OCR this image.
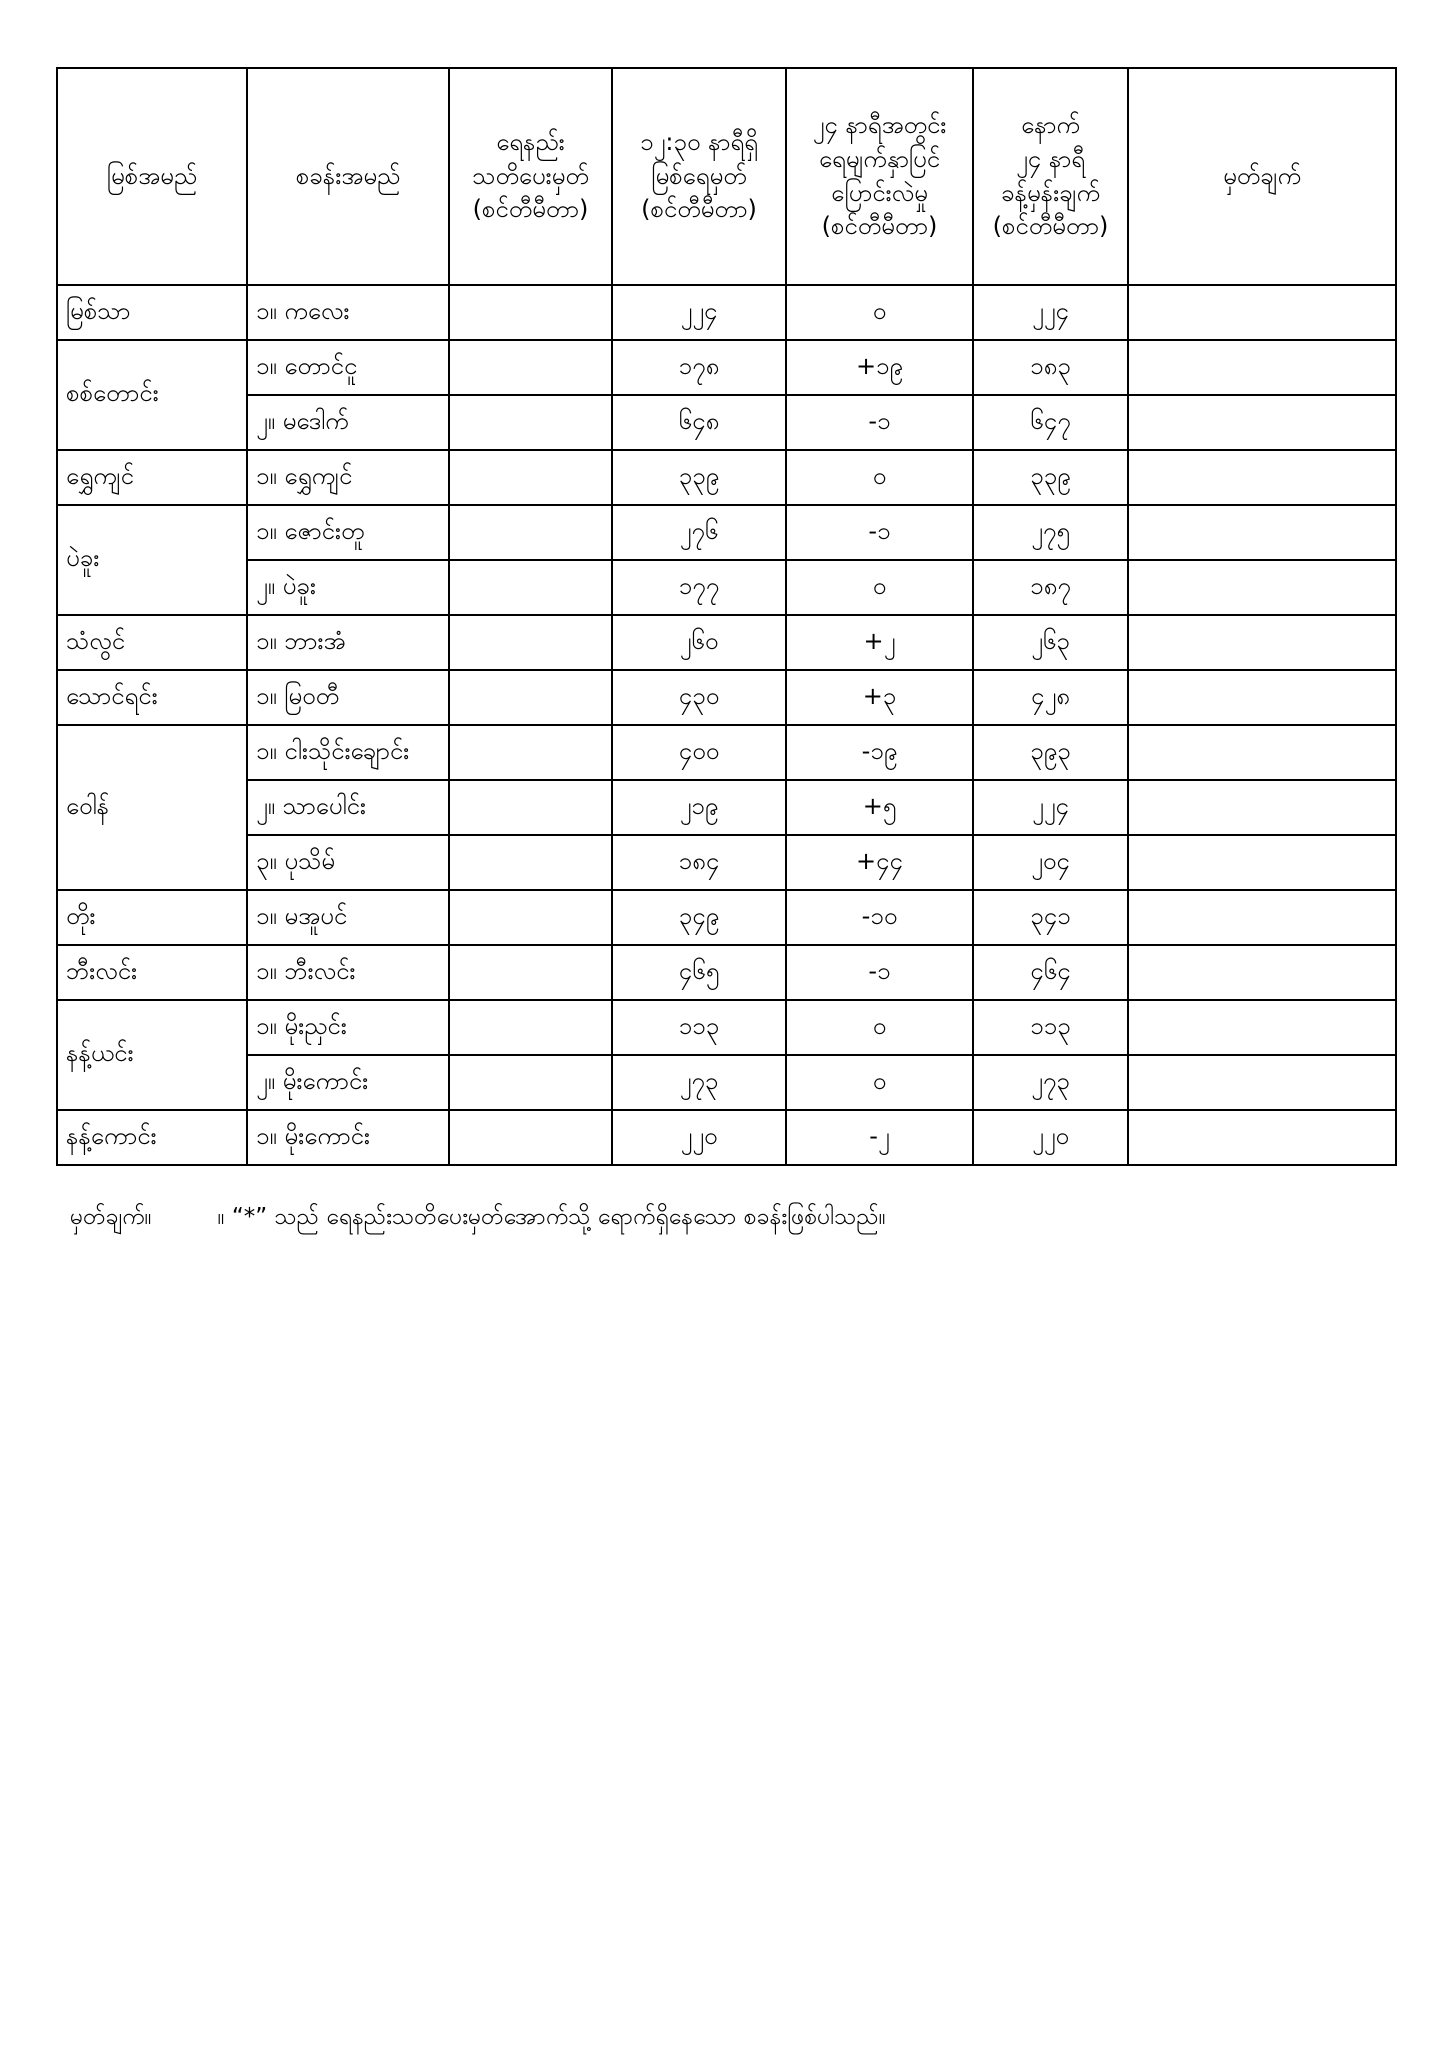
မြစ်အမည်	စခန်းအမည်	ရေနည်း
သတိပေးမှတ်
(စင်တီမီတာ)	၁၂:၃၀ နာရီရှိ
မြစ်ရေမှတ်
(စင်တီမီတာ)	၂၄ နာရီအတွင်း
ရေမျက်နှာပြင်
ပြောင်းလဲမှု
(စင်တီမီတာ)	နောက်
၂၄ နာရီ
ခန့်မှန်းချက်
(စင်တီမီတာ)	မှတ်ချက်
မြစ်သာ	၁။ ကလေး		၂၂၄	၀	၂၂၄	
စစ်တောင်း	၁။ တောင်ငူ		၁၇၈	+၁၉	၁၈၃	
	၂။ မဒေါက်		၆၄၈	-၁	၆၄၇	
ရွှေကျင်	၁။ ရွှေကျင်		၃၃၉	၀	၃၃၉	
ပဲခူး	၁။ ဇောင်းတူ		၂၇၆	-၁	၂၇၅	
	၂။ ပဲခူး		၁၇၇	၀	၁၈၇	
သံလွင်	၁။ ဘားအံ		၂၆၀	+၂	၂၆၃	
သောင်ရင်း	၁။ မြဝတီ		၄၃၀	+၃	၄၂၈	
ဝေါန်	၁။ ငါးသိုင်းချောင်း		၄၀၀	-၁၉	၃၉၃	
	၂။ သာပေါင်း		၂၁၉	+၅	၂၂၄	
	၃။ ပုသိမ်		၁၈၄	+၄၄	၂၀၄	
တိုး	၁။ မအူပင်		၃၄၉	-၁၀	၃၄၁	
ဘီးလင်း	၁။ ဘီးလင်း		၄၆၅	-၁	၄၆၄	
နန့်ယင်း	၁။ မိုးညှင်း		၁၁၃	၀	၁၁၃	
	၂။ မိုးကောင်း		၂၇၃	၀	၂၇၃	
နန့်ကောင်း	၁။ မိုးကောင်း		၂၂၀	-၂	၂၂၀	
မှတ်ချက်။	။ “*” သည် ရေနည်းသတိပေးမှတ်အောက်သို့ ရောက်ရှိနေသော စခန်းဖြစ်ပါသည်။
